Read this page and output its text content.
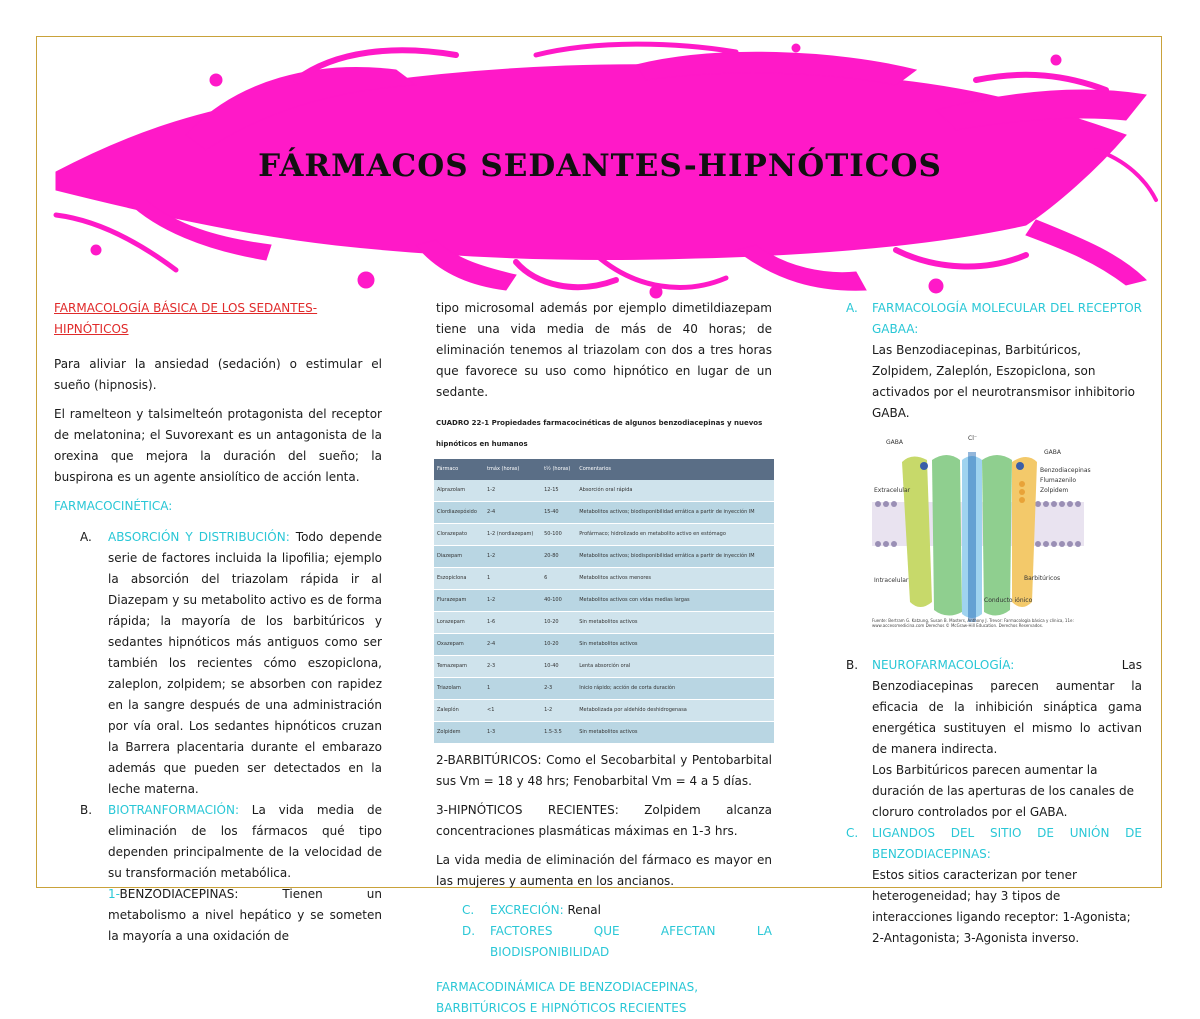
FÁRMACOS SEDANTES-HIPNÓTICOS
FARMACOLOGÍA BÁSICA DE LOS SEDANTES-HIPNÓTICOS

Para aliviar la ansiedad (sedación) o estimular el sueño (hipnosis).

El ramelteon y talsimelteón protagonista del receptor de melatonina; el Suvorexant es un antagonista de la orexina que mejora la duración del sueño; la buspirona es un agente ansiolítico de acción lenta.

FARMACOCINÉTICA:
A. ABSORCIÓN Y DISTRIBUCIÓN: Todo depende serie de factores incluida la lipofilia; ejemplo la absorción del triazolam rápida ir al Diazepam y su metabolito activo es de forma rápida; la mayoría de los barbitúricos y sedantes hipnóticos más antiguos como ser también los recientes cómo eszopiclona, zaleplon, zolpidem; se absorben con rapidez en la sangre después de una administración por vía oral. Los sedantes hipnóticos cruzan la Barrera placentaria durante el embarazo además que pueden ser detectados en la leche materna.
B. BIOTRANFORMACIÓN: La vida media de eliminación de los fármacos qué tipo dependen principalmente de la velocidad de su transformación metabólica.
1-BENZODIACEPINAS: Tienen un metabolismo a nivel hepático y se someten la mayoría a una oxidación de

tipo microsomal además por ejemplo dimetildiazepam tiene una vida media de más de 40 horas; de eliminación tenemos al triazolam con dos a tres horas que favorece su uso como hipnótico en lugar de un sedante.

CUADRO 22-1 Propiedades farmacocinéticas de algunos benzodiacepinas y nuevos hipnóticos en humanos
Fármaco	tmáx (horas)	t½ (horas)	Comentarios
Alprazolam	1-2	12-15	Absorción oral rápida
Clordiazepóxido	2-4	15-40	Metabolitos activos; biodisponibilidad errática a partir de inyección IM
Clorazepato	1-2 (nordiazepam)	50-100	Profármaco; hidrolizado en metabolito activo en estómago
Diazepam	1-2	20-80	Metabolitos activos; biodisponibilidad errática a partir de inyección IM
Eszopiclona	1	6	Metabolitos activos menores
Flurazepam	1-2	40-100	Metabolitos activos con vidas medias largas
Lorazepam	1-6	10-20	Sin metabolitos activos
Oxazepam	2-4	10-20	Sin metabolitos activos
Temazepam	2-3	10-40	Lenta absorción oral
Triazolam	1	2-3	Inicio rápido; acción de corta duración
Zaleplón	<1	1-2	Metabolizada por aldehído deshidrogenasa
Zolpidem	1-3	1.5-3.5	Sin metabolitos activos

2-BARBITÚRICOS: Como el Secobarbital y Pentobarbital sus Vm = 18 y 48 hrs; Fenobarbital Vm = 4 a 5 días.

3-HIPNÓTICOS RECIENTES: Zolpidem alcanza concentraciones plasmáticas máximas en 1-3 hrs.

La vida media de eliminación del fármaco es mayor en las mujeres y aumenta en los ancianos.

C. EXCRECIÓN: Renal
D. FACTORES QUE AFECTAN LA BIODISPONIBILIDAD
FARMACODINÁMICA DE BENZODIACEPINAS, BARBITÚRICOS E HIPNÓTICOS RECIENTES
A. FARMACOLOGÍA MOLECULAR DEL RECEPTOR GABAA:
Las Benzodiacepinas, Barbitúricos, Zolpidem, Zaleplón, Eszopiclona, son activados por el neurotransmisor inhibitorio GABA.
GABA
Cl⁻
GABA
Benzodiacepinas
Flumazenilo
Zolpidem
Extracelular
Intracelular	Barbitúricos
Conducto iónico
Fuente: Bertram G. Katzung, Susan B. Masters, Anthony J. Trevor: Farmacología básica y clínica, 11e: www.accessmedicina.com Derechos © McGraw-Hill Education. Derechos Reservados.
B. NEUROFARMACOLOGÍA: Las Benzodiacepinas parecen aumentar la eficacia de la inhibición sináptica gama energética sustituyen el mismo lo activan de manera indirecta.
Los Barbitúricos parecen aumentar la duración de las aperturas de los canales de cloruro controlados por el GABA.
C. LIGANDOS DEL SITIO DE UNIÓN DE BENZODIACEPINAS:
Estos sitios caracterizan por tener heterogeneidad; hay 3 tipos de interacciones ligando receptor: 1-Agonista; 2-Antagonista; 3-Agonista inverso.
